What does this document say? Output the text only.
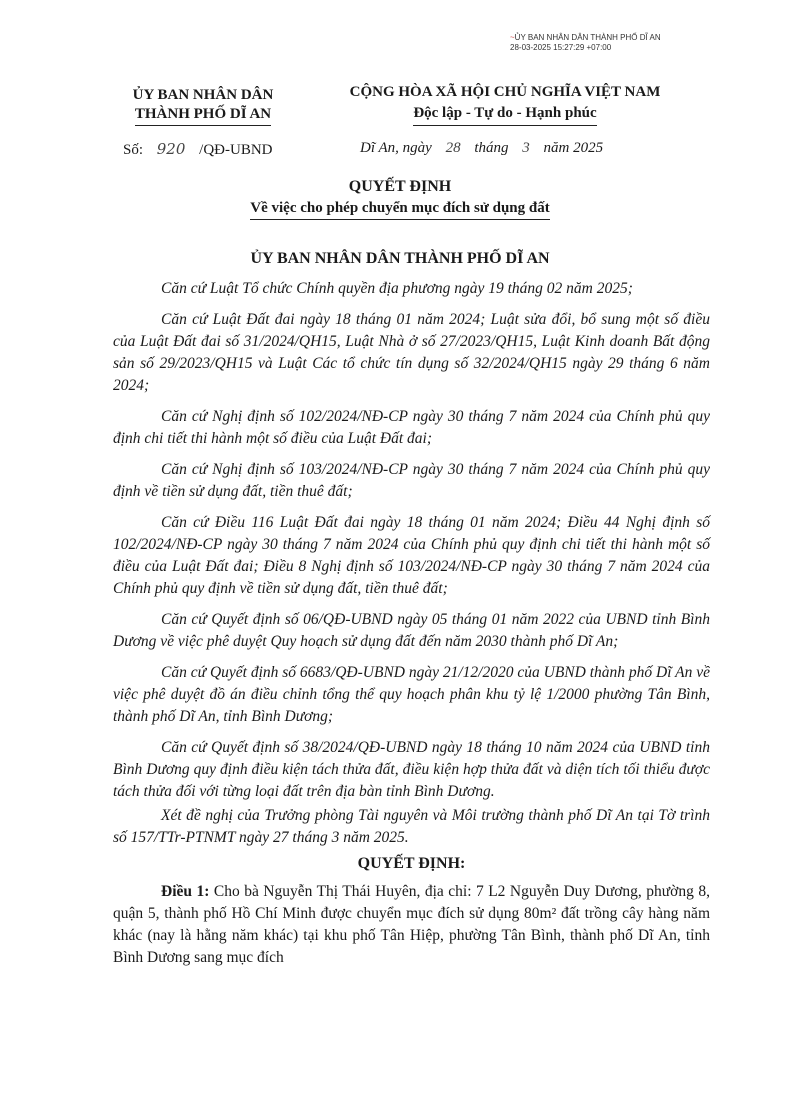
~ỦY BAN NHÂN DÂN THÀNH PHỐ DĨ AN
28-03-2025 15:27:29 +07:00
ỦY BAN NHÂN DÂN
THÀNH PHỐ DĨ AN
CỘNG HÒA XÃ HỘI CHỦ NGHĨA VIỆT NAM
Độc lập - Tự do - Hạnh phúc
Số: 920 /QĐ-UBND	Dĩ An, ngày 28 tháng 3 năm 2025
QUYẾT ĐỊNH
Về việc cho phép chuyển mục đích sử dụng đất
ỦY BAN NHÂN DÂN THÀNH PHỐ DĨ AN

Căn cứ Luật Tổ chức Chính quyền địa phương ngày 19 tháng 02 năm 2025;

Căn cứ Luật Đất đai ngày 18 tháng 01 năm 2024; Luật sửa đổi, bổ sung một số điều của Luật Đất đai số 31/2024/QH15, Luật Nhà ở số 27/2023/QH15, Luật Kinh doanh Bất động sản số 29/2023/QH15 và Luật Các tổ chức tín dụng số 32/2024/QH15 ngày 29 tháng 6 năm 2024;

Căn cứ Nghị định số 102/2024/NĐ-CP ngày 30 tháng 7 năm 2024 của Chính phủ quy định chi tiết thi hành một số điều của Luật Đất đai;

Căn cứ Nghị định số 103/2024/NĐ-CP ngày 30 tháng 7 năm 2024 của Chính phủ quy định về tiền sử dụng đất, tiền thuê đất;

Căn cứ Điều 116 Luật Đất đai ngày 18 tháng 01 năm 2024; Điều 44 Nghị định số 102/2024/NĐ-CP ngày 30 tháng 7 năm 2024 của Chính phủ quy định chi tiết thi hành một số điều của Luật Đất đai; Điều 8 Nghị định số 103/2024/NĐ-CP ngày 30 tháng 7 năm 2024 của Chính phủ quy định về tiền sử dụng đất, tiền thuê đất;

Căn cứ Quyết định số 06/QĐ-UBND ngày 05 tháng 01 năm 2022 của UBND tỉnh Bình Dương về việc phê duyệt Quy hoạch sử dụng đất đến năm 2030 thành phố Dĩ An;

Căn cứ Quyết định số 6683/QĐ-UBND ngày 21/12/2020 của UBND thành phố Dĩ An về việc phê duyệt đồ án điều chỉnh tổng thể quy hoạch phân khu tỷ lệ 1/2000 phường Tân Bình, thành phố Dĩ An, tỉnh Bình Dương;

Căn cứ Quyết định số 38/2024/QĐ-UBND ngày 18 tháng 10 năm 2024 của UBND tỉnh Bình Dương quy định điều kiện tách thửa đất, điều kiện hợp thửa đất và diện tích tối thiểu được tách thửa đối với từng loại đất trên địa bàn tỉnh Bình Dương.

Xét đề nghị của Trưởng phòng Tài nguyên và Môi trường thành phố Dĩ An tại Tờ trình số 157/TTr-PTNMT ngày 27 tháng 3 năm 2025.

QUYẾT ĐỊNH:

Điều 1: Cho bà Nguyễn Thị Thái Huyên, địa chỉ: 7 L2 Nguyễn Duy Dương, phường 8, quận 5, thành phố Hồ Chí Minh được chuyển mục đích sử dụng 80m² đất trồng cây hàng năm khác (nay là hằng năm khác) tại khu phố Tân Hiệp, phường Tân Bình, thành phố Dĩ An, tỉnh Bình Dương sang mục đích
